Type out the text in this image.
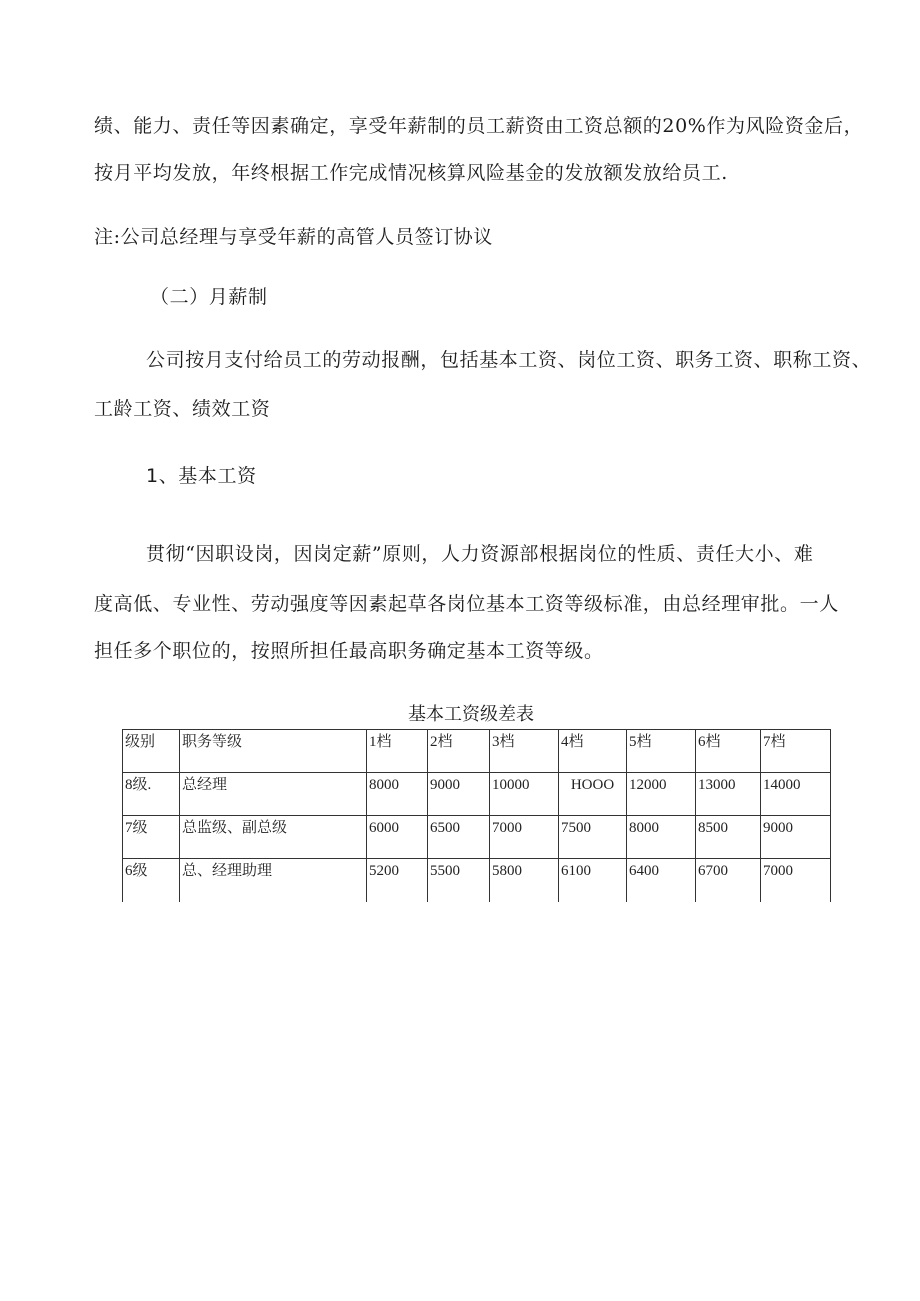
绩、能力、责任等因素确定，享受年薪制的员工薪资由工资总额的20%作为风险资金后，
按月平均发放，年终根据工作完成情况核算风险基金的发放额发放给员工.
注:公司总经理与享受年薪的高管人员签订协议
（二）月薪制
公司按月支付给员工的劳动报酬，包括基本工资、岗位工资、职务工资、职称工资、
工龄工资、绩效工资
1、基本工资
贯彻“因职设岗，因岗定薪”原则，人力资源部根据岗位的性质、责任大小、难
度高低、专业性、劳动强度等因素起草各岗位基本工资等级标准，由总经理审批。一人
担任多个职位的，按照所担任最高职务确定基本工资等级。
基本工资级差表
级别	职务等级	1档	2档	3档	4档	5档	6档	7档
8级.	总经理	8000	9000	10000	HOOO	12000	13000	14000
7级	总监级、副总级	6000	6500	7000	7500	8000	8500	9000
6级	总、经理助理	5200	5500	5800	6100	6400	6700	7000
